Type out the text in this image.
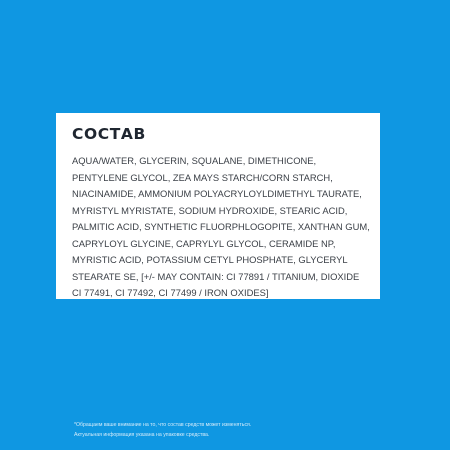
СОСТАВ

AQUA/WATER, GLYCERIN, SQUALANE, DIMETHICONE, PENTYLENE GLYCOL, ZEA MAYS STARCH/CORN STARCH, NIACINAMIDE, AMMONIUM POLYACRYLOYLDIMETHYL TAURATE, MYRISTYL MYRISTATE, SODIUM HYDROXIDE, STEARIC ACID, PALMITIC ACID, SYNTHETIC FLUORPHLOGOPITE, XANTHAN GUM, CAPRYLOYL GLYCINE, CAPRYLYL GLYCOL, CERAMIDE NP, MYRISTIC ACID, POTASSIUM CETYL PHOSPHATE, GLYCERYL STEARATE SE, [+/- MAY CONTAIN: CI 77891 / TITANIUM, DIOXIDE CI 77491, CI 77492, CI 77499 / IRON OXIDES]

*Обращаем ваше внимание на то, что состав средств может изменяться.
Актуальная информация указана на упаковке средства.
